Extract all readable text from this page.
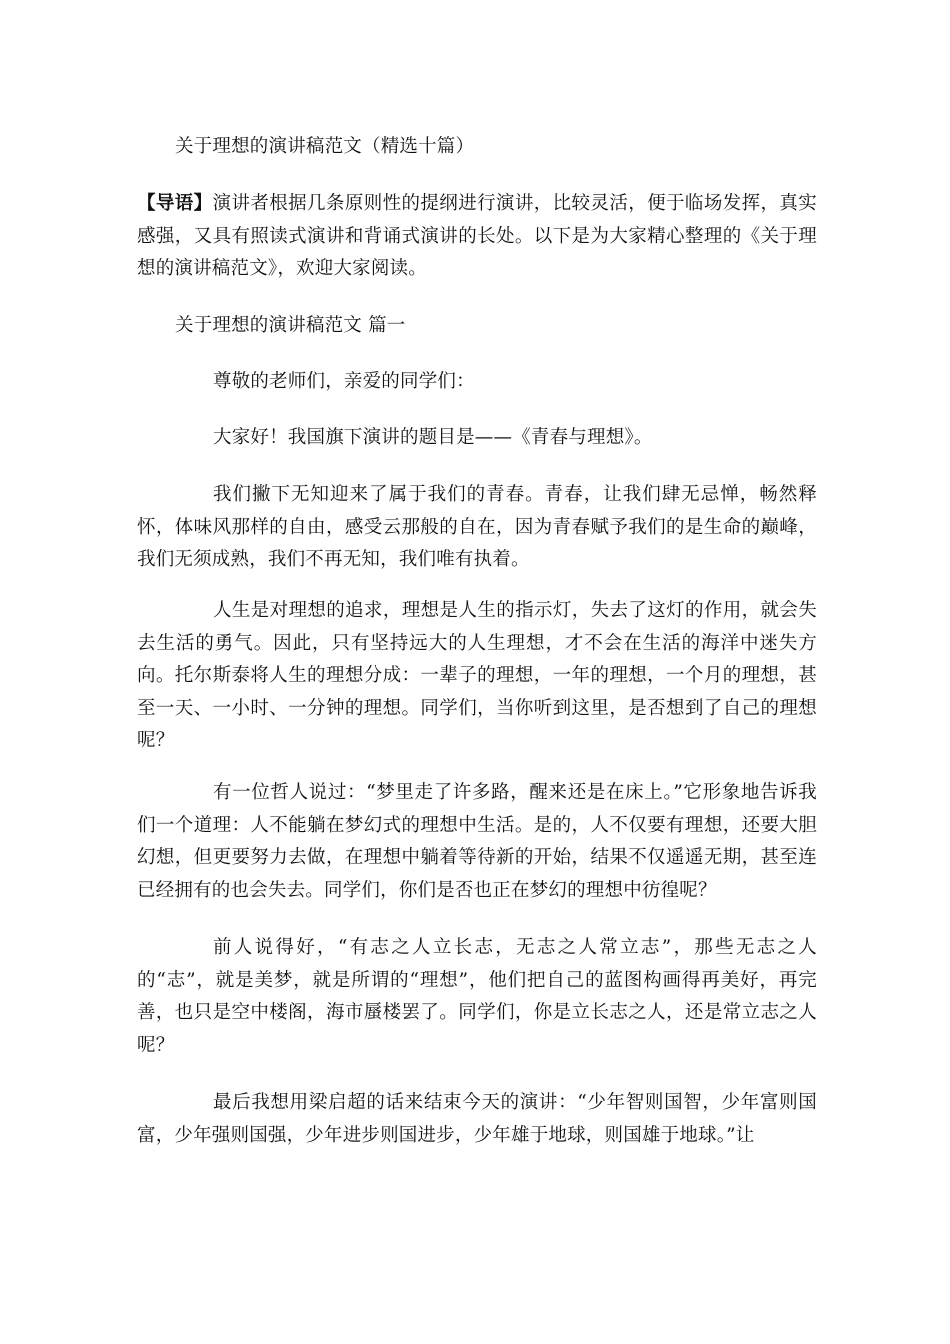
关于理想的演讲稿范文（精选十篇）
【导语】演讲者根据几条原则性的提纲进行演讲，比较灵活，便于临场发挥，真实感强，又具有照读式演讲和背诵式演讲的长处。以下是为大家精心整理的《关于理想的演讲稿范文》，欢迎大家阅读。
关于理想的演讲稿范文 篇一
尊敬的老师们，亲爱的同学们：
大家好！我国旗下演讲的题目是——《青春与理想》。
我们撇下无知迎来了属于我们的青春。青春，让我们肆无忌惮，畅然释怀，体味风那样的自由，感受云那般的自在，因为青春赋予我们的是生命的巅峰，我们无须成熟，我们不再无知，我们唯有执着。
人生是对理想的追求，理想是人生的指示灯，失去了这灯的作用，就会失去生活的勇气。因此，只有坚持远大的人生理想，才不会在生活的海洋中迷失方向。托尔斯泰将人生的理想分成：一辈子的理想，一年的理想，一个月的理想，甚至一天、一小时、一分钟的理想。同学们，当你听到这里，是否想到了自己的理想呢？
有一位哲人说过：“梦里走了许多路，醒来还是在床上。”它形象地告诉我们一个道理：人不能躺在梦幻式的理想中生活。是的，人不仅要有理想，还要大胆幻想，但更要努力去做，在理想中躺着等待新的开始，结果不仅遥遥无期，甚至连已经拥有的也会失去。同学们，你们是否也正在梦幻的理想中彷徨呢？
前人说得好，“有志之人立长志，无志之人常立志”，那些无志之人的“志”，就是美梦，就是所谓的“理想”，他们把自己的蓝图构画得再美好，再完善，也只是空中楼阁，海市蜃楼罢了。同学们，你是立长志之人，还是常立志之人呢？
最后我想用梁启超的话来结束今天的演讲：“少年智则国智，少年富则国富，少年强则国强，少年进步则国进步，少年雄于地球，则国雄于地球。”让
